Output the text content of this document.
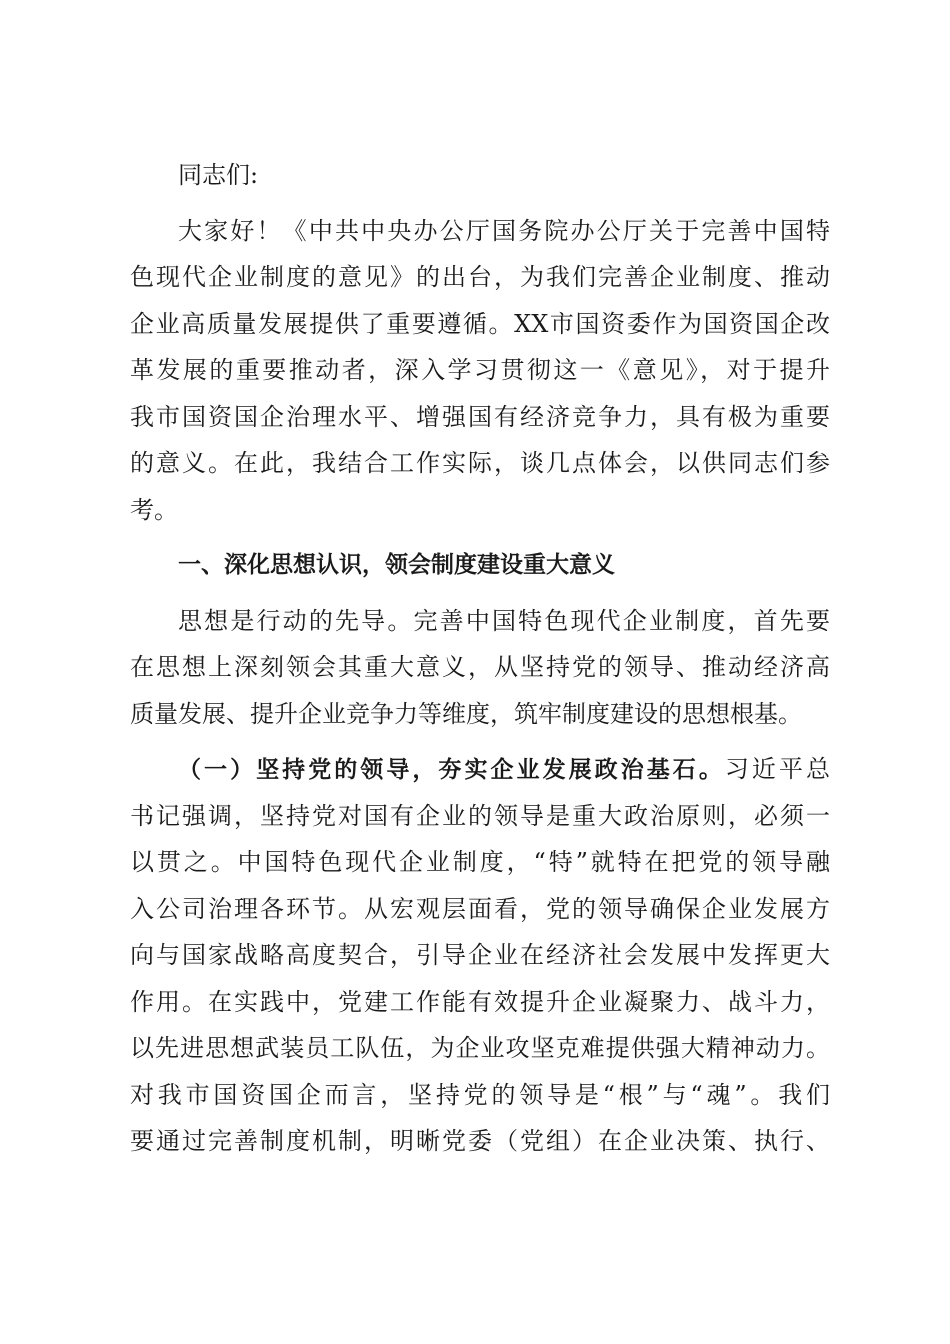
同志们:
大家好！《中共中央办公厅国务院办公厅关于完善中国特
色现代企业制度的意见》的出台，为我们完善企业制度、推动
企业高质量发展提供了重要遵循。XX市国资委作为国资国企改
革发展的重要推动者，深入学习贯彻这一《意见》，对于提升
我市国资国企治理水平、增强国有经济竞争力，具有极为重要
的意义。在此，我结合工作实际，谈几点体会，以供同志们参
考。
一、深化思想认识，领会制度建设重大意义
思想是行动的先导。完善中国特色现代企业制度，首先要
在思想上深刻领会其重大意义，从坚持党的领导、推动经济高
质量发展、提升企业竞争力等维度，筑牢制度建设的思想根基。
（一）坚持党的领导，夯实企业发展政治基石。习近平总
书记强调，坚持党对国有企业的领导是重大政治原则，必须一
以贯之。中国特色现代企业制度，“特”就特在把党的领导融
入公司治理各环节。从宏观层面看，党的领导确保企业发展方
向与国家战略高度契合，引导企业在经济社会发展中发挥更大
作用。在实践中，党建工作能有效提升企业凝聚力、战斗力，
以先进思想武装员工队伍，为企业攻坚克难提供强大精神动力。
对我市国资国企而言，坚持党的领导是“根”与“魂”。我们
要通过完善制度机制，明晰党委（党组）在企业决策、执行、
